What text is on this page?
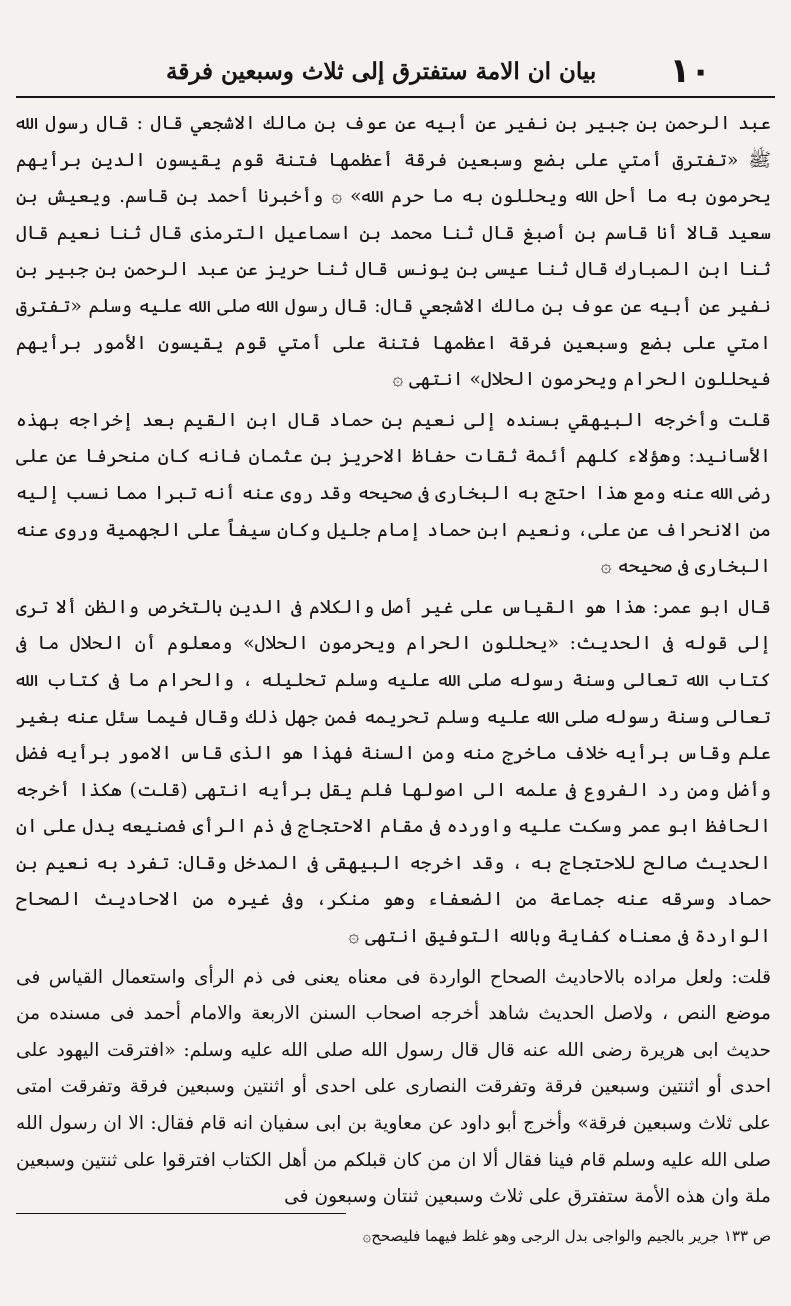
١٠
بيان ان الامة ستفترق إلى ثلاث وسبعين فرقة

عبد الرحمن بن جبير بن نفير عن أبيه عن عوف بن مالك الاشجعي قال : قال رسول الله ﷺ «تفترق أمتي على بضع وسبعين فرقة أعظمها فتنة قوم يقيسون الدين برأيهم يحرمون به ما أحل الله ويحللون به ما حرم الله» ۞ وأخبرنا أحمد بن قاسم. ويعيش بن سعيد قالا أنا قاسم بن أصبغ قال ثنا محمد بن اسماعيل الترمذى قال ثنا نعيم قال ثنا ابن المبارك قال ثنا عيسى بن يونس قال ثنا حريز عن عبد الرحمن بن جبير بن نفير عن أبيه عن عوف بن مالك الاشجعي قال: قال رسول الله صلى الله عليه وسلم «تفترق امتي على بضع وسبعين فرقة اعظمها فتنة على أمتي قوم يقيسون الأمور برأيهم فيحللون الحرام ويحرمون الحلال» انتهى ۞

قلت وأخرجه البيهقي بسنده إلى نعيم بن حماد قال ابن القيم بعد إخراجه بهذه الأسانيد: وهؤلاء كلهم أئمة ثقات حفاظ الاحريز بن عثمان فانه كان منحرفا عن على رضى الله عنه ومع هذا احتج به البخارى فى صحيحه وقد روى عنه أنه تبرا مما نسب إليه من الانحراف عن على، ونعيم ابن حماد إمام جليل وكان سيفاً على الجهمية وروى عنه البخارى فى صحيحه ۞

قال ابو عمر: هذا هو القياس على غير أصل والكلام فى الدين بالتخرص والظن ألا ترى إلى قوله فى الحديث: «يحللون الحرام ويحرمون الحلال» ومعلوم أن الحلال ما فى كتاب الله تعالى وسنة رسوله صلى الله عليه وسلم تحليله ، والحرام ما فى كتاب الله تعالى وسنة رسوله صلى الله عليه وسلم تحريمه فمن جهل ذلك وقال فيما سئل عنه بغير علم وقاس برأيه خلاف ماخرج منه ومن السنة فهذا هو الذى قاس الامور برأيه فضل وأضل ومن رد الفروع فى علمه الى اصولها فلم يقل برأيه انتهى (قلت) هكذا أخرجه الحافظ ابو عمر وسكت عليه واورده فى مقام الاحتجاج فى ذم الرأى فصنيعه يدل على ان الحديث صالح للاحتجاج به ، وقد اخرجه البيهقى فى المدخل وقال: تفرد به نعيم بن حماد وسرقه عنه جماعة من الضعفاء وهو منكر، وفى غيره من الاحاديث الصحاح الواردة فى معناه كفاية وبالله التوفيق انتهى ۞

قلت: ولعل مراده بالاحاديث الصحاح الواردة فى معناه يعنى فى ذم الرأى واستعمال القياس فى موضع النص ، ولاصل الحديث شاهد أخرجه اصحاب السنن الاربعة والامام أحمد فى مسنده من حديث ابى هريرة رضى الله عنه قال قال رسول الله صلى الله عليه وسلم: «افترقت اليهود على احدى أو اثنتين وسبعين فرقة وتفرقت النصارى على احدى أو اثنتين وسبعين فرقة وتفرقت امتى على ثلاث وسبعين فرقة» وأخرج أبو داود عن معاوية بن ابى سفيان انه قام فقال: الا ان رسول الله صلى الله عليه وسلم قام فينا فقال ألا ان من كان قبلكم من أهل الكتاب افترقوا على ثنتين وسبعين ملة وان هذه الأمة ستفترق على ثلاث وسبعين ثنتان وسبعون فى

ص ١٣٣ جرير بالجيم والواجى بدل الرجى وهو غلط فيهما فليصحح۞
